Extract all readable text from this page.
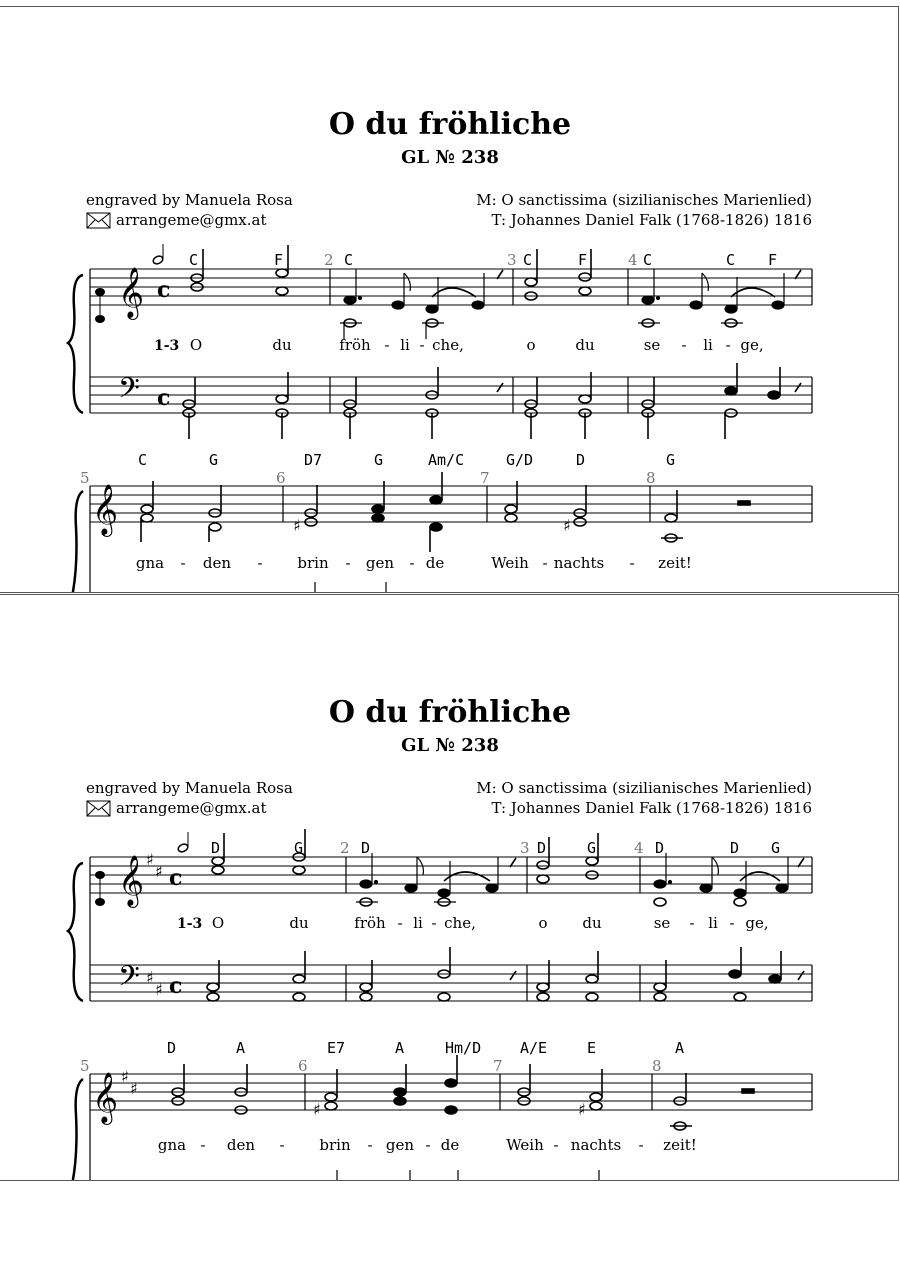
O du fröhliche
GL № 238
engraved by Manuela Rosa
arrangeme@gmx.at
M: O sanctissima (sizilianisches Marienlied)
T: Johannes Daniel Falk (1768-1826) 1816
𝄞
𝄢
c
c
C	F	C	C	F	C	C F
2	3	4
1-3 O	du	fröh - li - che,	o	du	se - li - ge,
𝄞	♯	♯
C	G	D7	G	Am/C	G/D	D	G
5	6	7	8
gna - den - brin - gen - de	Weih - nachts - zeit!
O du fröhliche
GL № 238
engraved by Manuela Rosa
arrangeme@gmx.at
M: O sanctissima (sizilianisches Marienlied)
T: Johannes Daniel Falk (1768-1826) 1816
𝄞
𝄢
♯
♯
♯
♯
c
c
D	G	D	D	G	D	D G
2	3	4
1-3 O	du	fröh - li - che,	o du	se - li - ge,
𝄞 ♯
♯
♯	♯
D	A	E7	A	Hm/D	A/E	E	A
5	6	7	8
gna - den - brin - gen - de	Weih - nachts - zeit!
